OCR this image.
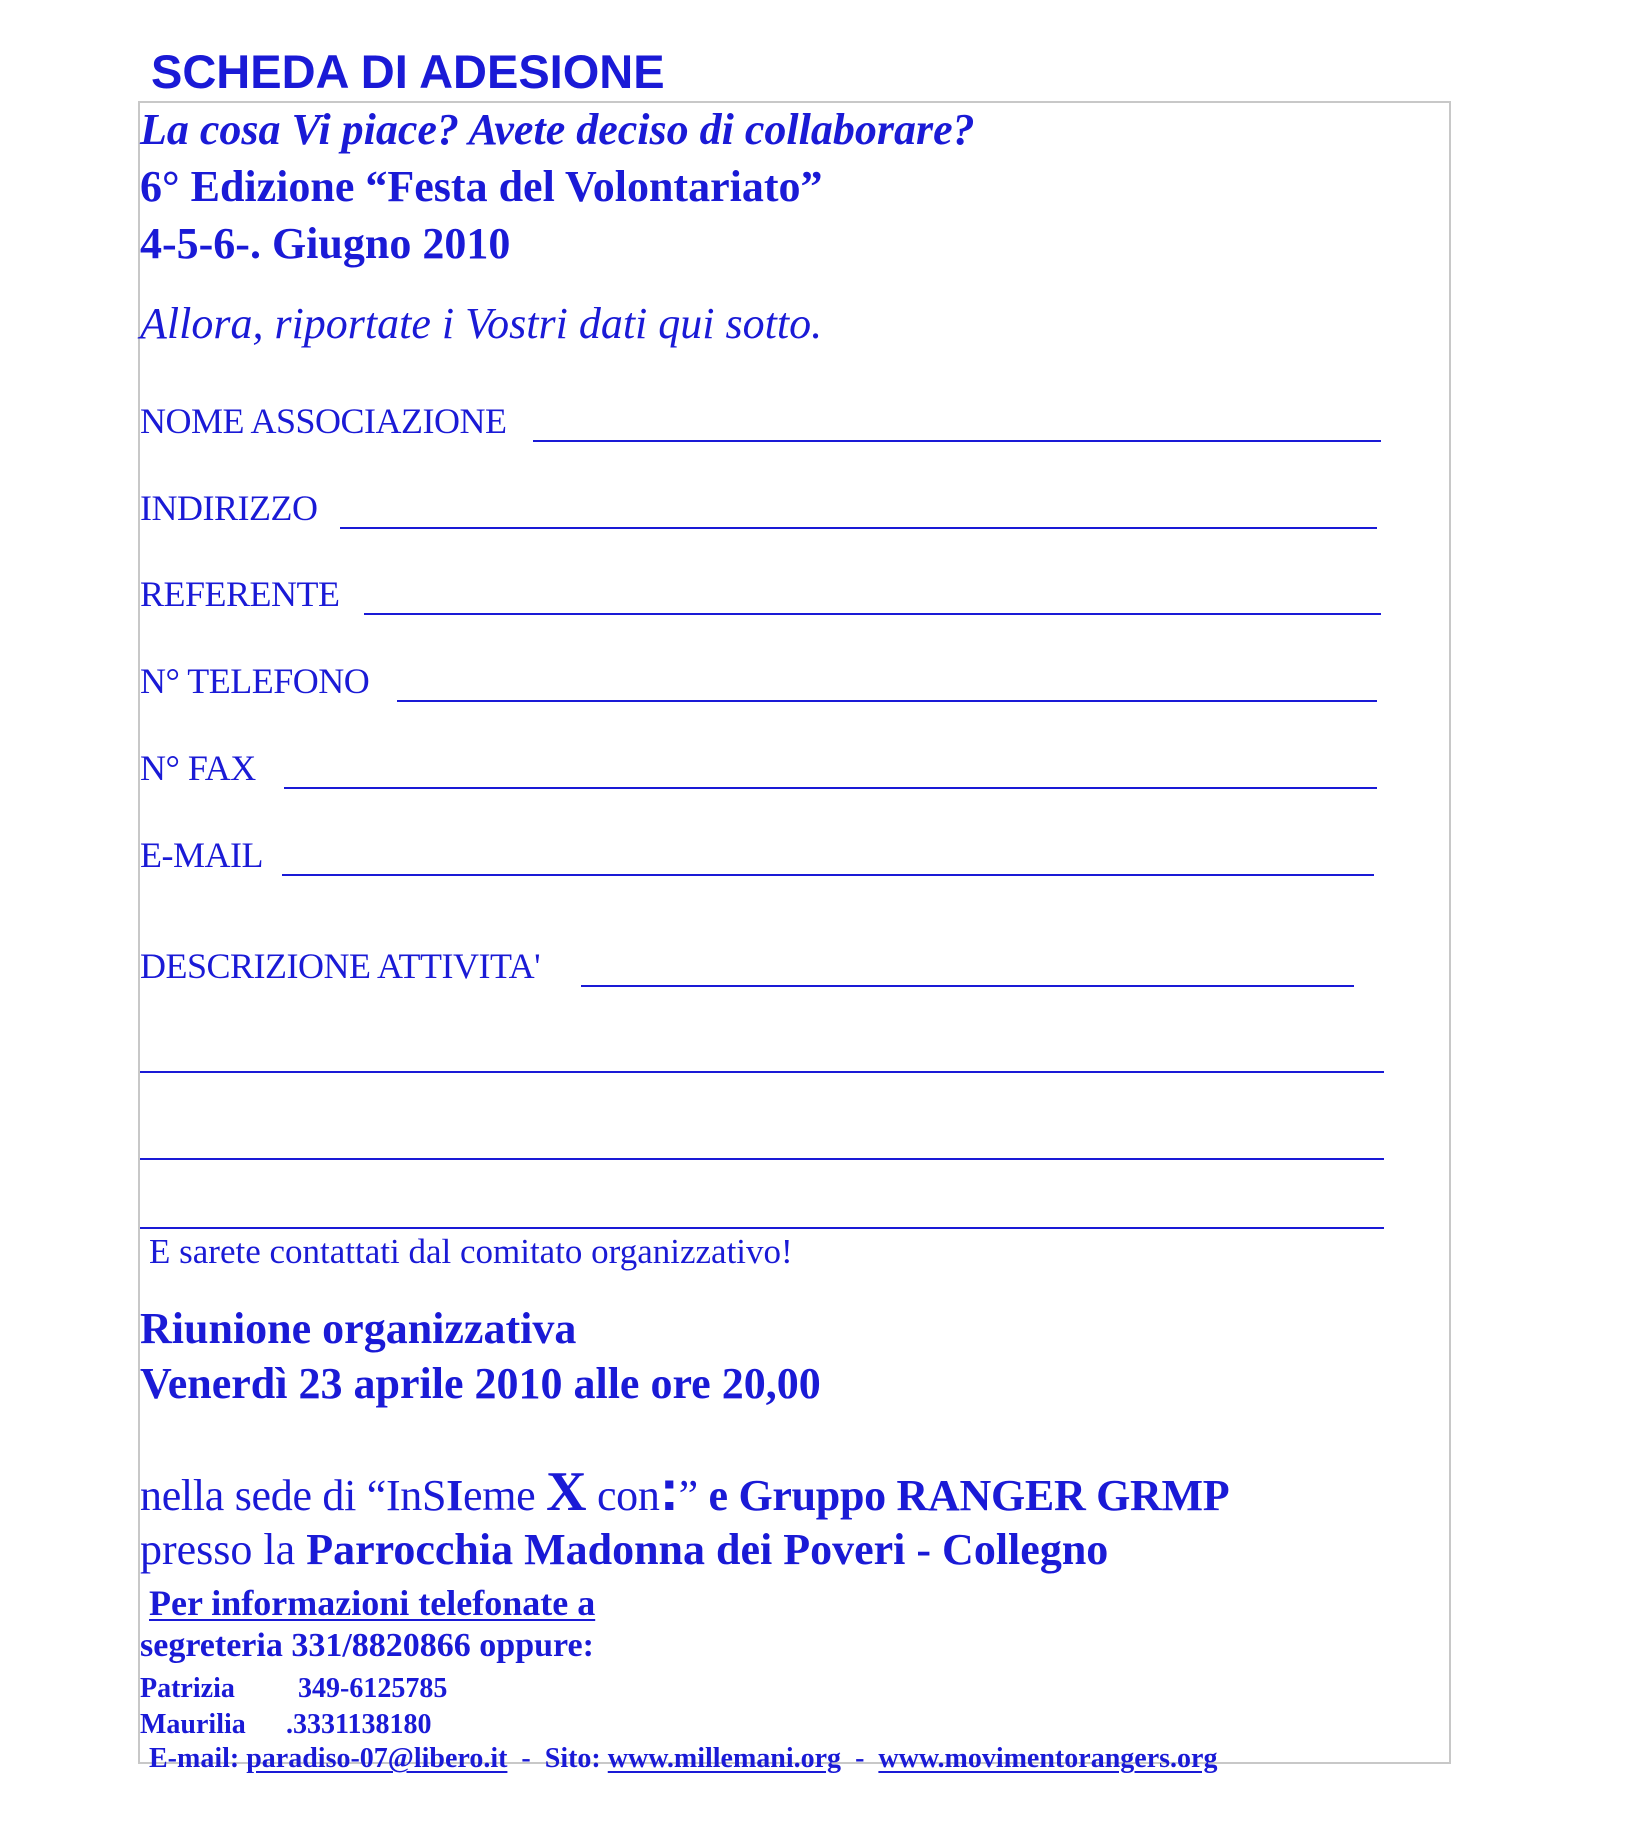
SCHEDA DI ADESIONE
La cosa Vi piace? Avete deciso di collaborare?
6° Edizione “Festa del Volontariato”
4-5-6-. Giugno 2010
Allora, riportate i Vostri dati qui sotto.
NOME ASSOCIAZIONE
INDIRIZZO
REFERENTE
N° TELEFONO
N° FAX
E-MAIL
DESCRIZIONE ATTIVITA'
E sarete contattati dal comitato organizzativo!
Riunione organizzativa
Venerdì 23 aprile 2010 alle ore 20,00
nella sede di “InSIeme X con:” e Gruppo RANGER GRMP
presso la Parrocchia Madonna dei Poveri - Collegno
Per informazioni telefonate a
segreteria 331/8820866 oppure:
Patrizia 349-6125785
Maurilia .3331138180
E-mail: paradiso-07@libero.it  -  Sito: www.millemani.org  -  www.movimentorangers.org
